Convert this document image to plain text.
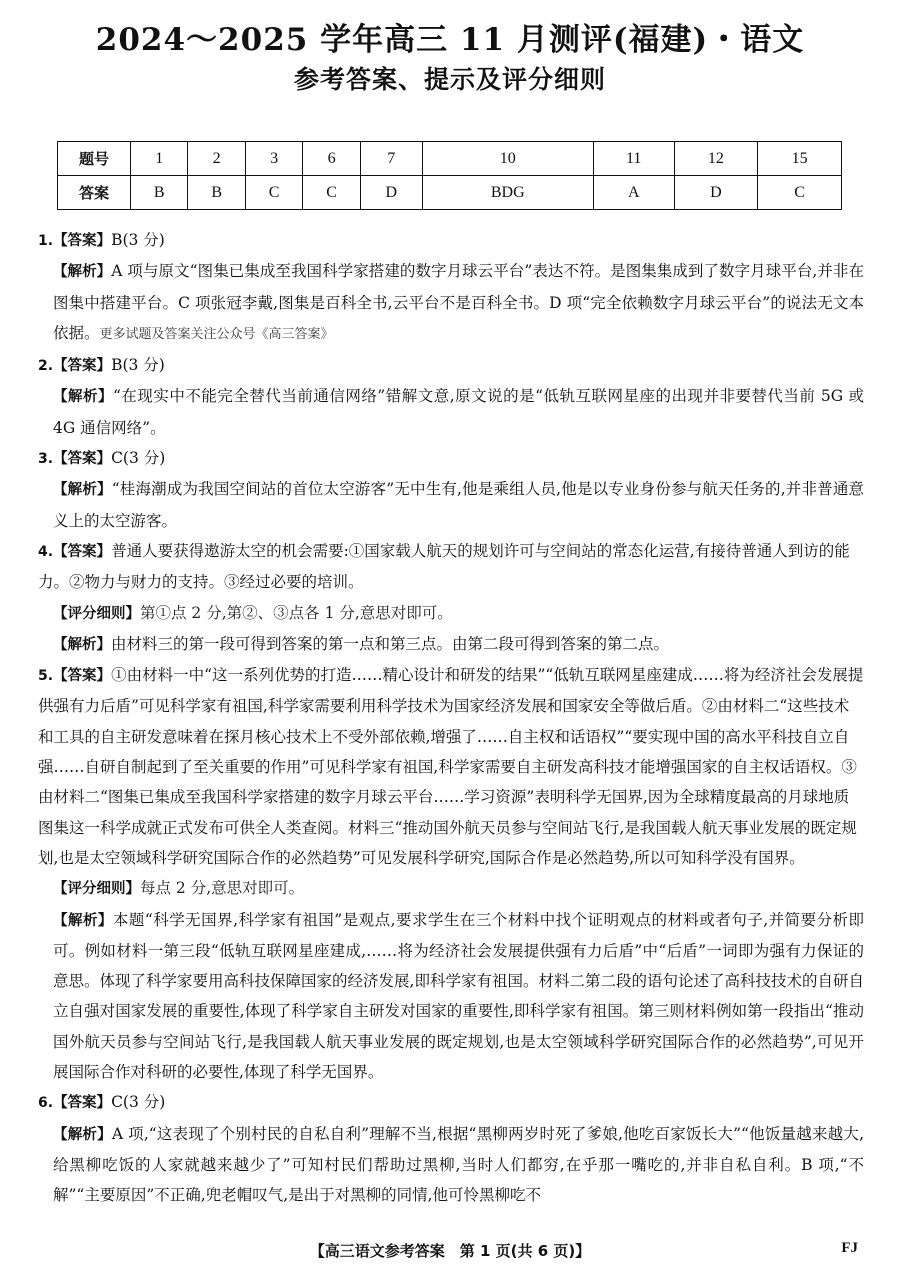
2024～2025 学年高三 11 月测评(福建)・语文
参考答案、提示及评分细则
题号	1	2	3	6	7	10	11	12	15
答案	B	B	C	C	D	BDG	A	D	C

1.【答案】B(3 分)

【解析】A 项与原文“图集已集成至我国科学家搭建的数字月球云平台”表达不符。是图集集成到了数字月球平台,并非在图集中搭建平台。C 项张冠李戴,图集是百科全书,云平台不是百科全书。D 项“完全依赖数字月球云平台”的说法无文本依据。更多试题及答案关注公众号《高三答案》

2.【答案】B(3 分)

【解析】“在现实中不能完全替代当前通信网络”错解文意,原文说的是“低轨互联网星座的出现并非要替代当前 5G 或 4G 通信网络”。

3.【答案】C(3 分)

【解析】“桂海潮成为我国空间站的首位太空游客”无中生有,他是乘组人员,他是以专业身份参与航天任务的,并非普通意义上的太空游客。

4.【答案】普通人要获得遨游太空的机会需要:①国家载人航天的规划许可与空间站的常态化运营,有接待普通人到访的能力。②物力与财力的支持。③经过必要的培训。

【评分细则】第①点 2 分,第②、③点各 1 分,意思对即可。

【解析】由材料三的第一段可得到答案的第一点和第三点。由第二段可得到答案的第二点。

5.【答案】①由材料一中“这一系列优势的打造……精心设计和研发的结果”“低轨互联网星座建成……将为经济社会发展提供强有力后盾”可见科学家有祖国,科学家需要利用科学技术为国家经济发展和国家安全等做后盾。②由材料二“这些技术和工具的自主研发意味着在探月核心技术上不受外部依赖,增强了……自主权和话语权”“要实现中国的高水平科技自立自强……自研自制起到了至关重要的作用”可见科学家有祖国,科学家需要自主研发高科技才能增强国家的自主权话语权。③由材料二“图集已集成至我国科学家搭建的数字月球云平台……学习资源”表明科学无国界,因为全球精度最高的月球地质图集这一科学成就正式发布可供全人类查阅。材料三“推动国外航天员参与空间站飞行,是我国载人航天事业发展的既定规划,也是太空领域科学研究国际合作的必然趋势”可见发展科学研究,国际合作是必然趋势,所以可知科学没有国界。

【评分细则】每点 2 分,意思对即可。

【解析】本题“科学无国界,科学家有祖国”是观点,要求学生在三个材料中找个证明观点的材料或者句子,并简要分析即可。例如材料一第三段“低轨互联网星座建成,……将为经济社会发展提供强有力后盾”中“后盾”一词即为强有力保证的意思。体现了科学家要用高科技保障国家的经济发展,即科学家有祖国。材料二第二段的语句论述了高科技技术的自研自立自强对国家发展的重要性,体现了科学家自主研发对国家的重要性,即科学家有祖国。第三则材料例如第一段指出“推动国外航天员参与空间站飞行,是我国载人航天事业发展的既定规划,也是太空领域科学研究国际合作的必然趋势”,可见开展国际合作对科研的必要性,体现了科学无国界。

6.【答案】C(3 分)

【解析】A 项,“这表现了个别村民的自私自利”理解不当,根据“黑柳两岁时死了爹娘,他吃百家饭长大”“他饭量越来越大,给黑柳吃饭的人家就越来越少了”可知村民们帮助过黑柳,当时人们都穷,在乎那一嘴吃的,并非自私自利。B 项,“不解”“主要原因”不正确,兜老帽叹气,是出于对黑柳的同情,他可怜黑柳吃不

【高三语文参考答案　第 1 页(共 6 页)】	FJ
